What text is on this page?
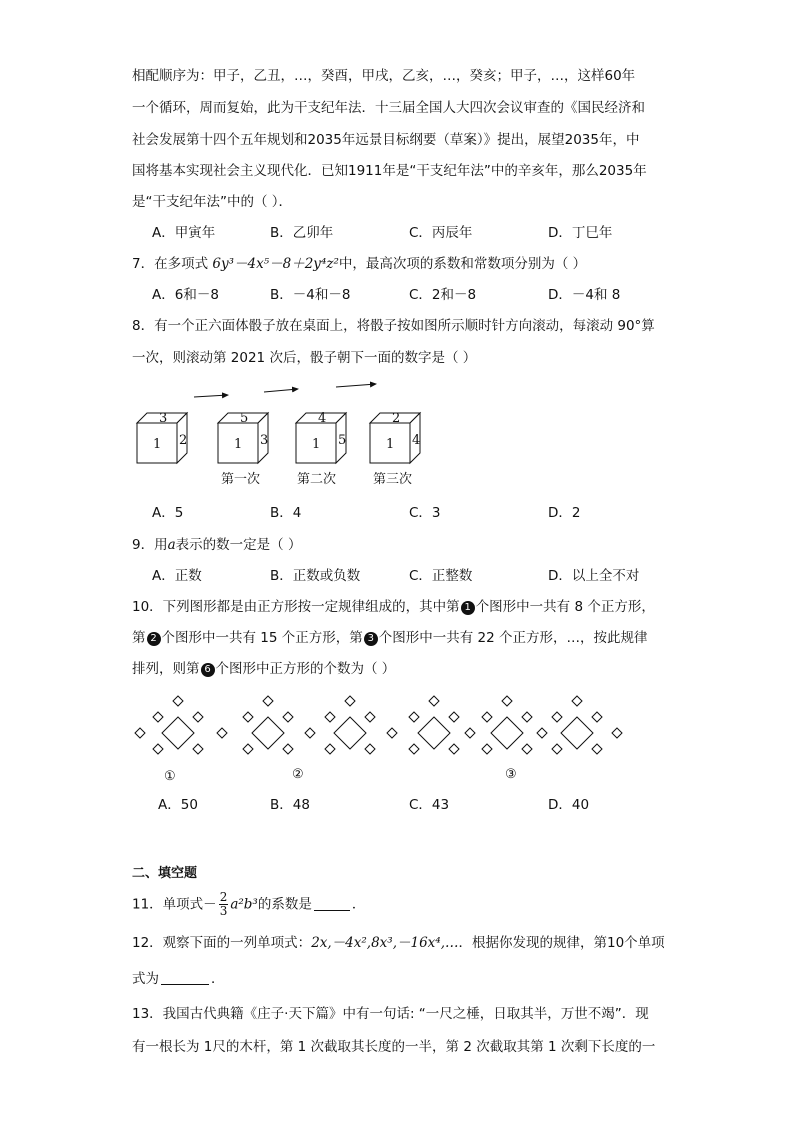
相配顺序为：甲子，乙丑，…，癸酉，甲戌，乙亥，…，癸亥；甲子，…，这样60年
一个循环，周而复始，此为干支纪年法．十三届全国人大四次会议审查的《国民经济和
社会发展第十四个五年规划和2035年远景目标纲要（草案）》提出，展望2035年，中
国将基本实现社会主义现代化．已知1911年是“干支纪年法”中的辛亥年，那么2035年
是“干支纪年法”中的（ ）．
A．甲寅年	B．乙卯年	C．丙辰年	D．丁巳年
7．在多项式 6y³－4x⁵－8＋2y⁴z²中，最高次项的系数和常数项分别为（ ）
A．6和－8	B．－4和－8	C．2和－8	D．－4和 8
8．有一个正六面体骰子放在桌面上，将骰子按如图所示顺时针方向滚动，每滚动 90°算
一次，则滚动第 2021 次后，骰子朝下一面的数字是（ ）
1
3
2	1
5
3	1
4
5	1
2
4
第一次	第二次	第三次
A．5	B．4	C．3	D．2
9．用a表示的数一定是（ ）
A．正数	B．正数或负数	C．正整数	D．以上全不对
10．下列图形都是由正方形按一定规律组成的，其中第 1 个图形中一共有 8 个正方形，
第 2 个图形中一共有 15 个正方形，第 3 个图形中一共有 22 个正方形，…，按此规律
排列，则第 6 个图形中正方形的个数为（ ）
①	②	③
A．50	B．48	C．43	D．40
二、填空题
11．单项式－ $\frac{2}{3} a^2b^3$的系数是	．
12．观察下面的一列单项式：2x,－4x²,8x³,－16x⁴,…．根据你发现的规律，第10个单项
式为	．
13．我国古代典籍《庄子·天下篇》中有一句话: “一尺之棰，日取其半，万世不竭”．现
有一根长为 1尺的木杆，第 1 次截取其长度的一半，第 2 次截取其第 1 次剩下长度的一
